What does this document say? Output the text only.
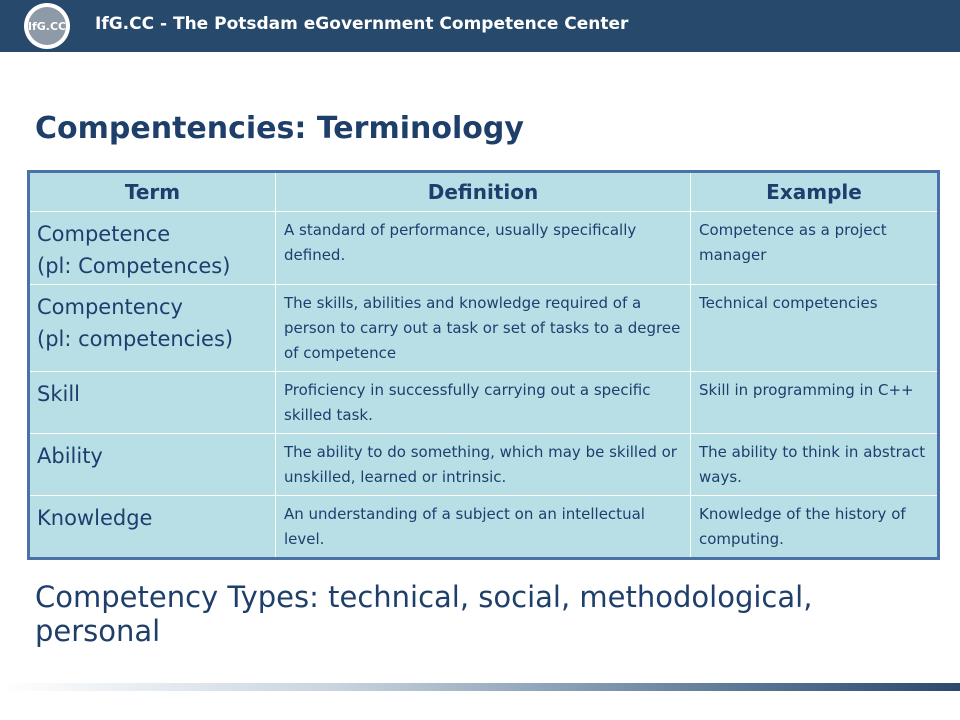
IfG.CC IfG.CC - The Potsdam eGovernment Competence Center
Compentencies: Terminology
Term	Definition	Example
Competence
(pl: Competences)	A standard of performance, usually specifically defined.	Competence as a project manager
Compentency
(pl: competencies)	The skills, abilities and knowledge required of a person to carry out a task or set of tasks to a degree of competence	Technical competencies
Skill	Proficiency in successfully carrying out a specific skilled task.	Skill in programming in C++
Ability	The ability to do something, which may be skilled or unskilled, learned or intrinsic.	The ability to think in abstract ways.
Knowledge	An understanding of a subject on an intellectual level.	Knowledge of the history of computing.
Competency Types: technical, social, methodological, personal
